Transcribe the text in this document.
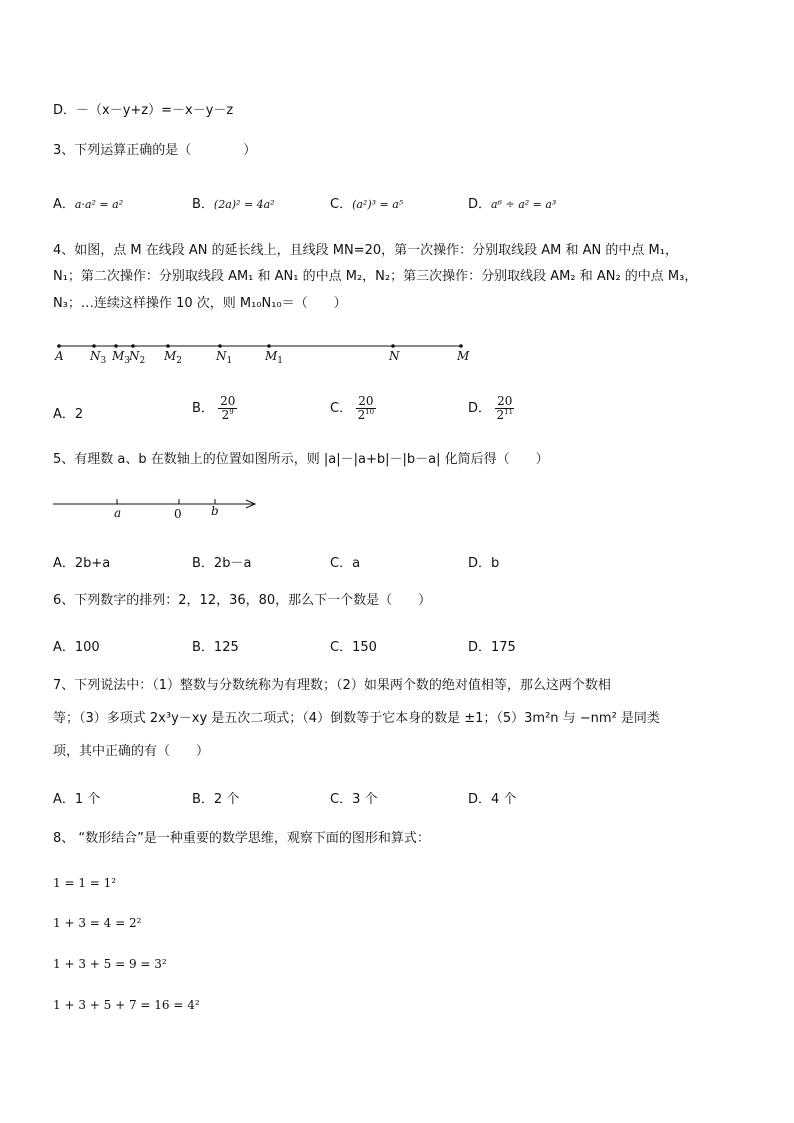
D．－（x－y+z）=－x－y－z
3、下列运算正确的是（　　　　）
A．a·a² = a²	B．(2a)² = 4a²	C．(a²)³ = a⁵	D．a⁶ ÷ a² = a³
4、如图，点 M 在线段 AN 的延长线上，且线段 MN=20，第一次操作：分别取线段 AM 和 AN 的中点 M₁，
N₁；第二次操作：分别取线段 AM₁ 和 AN₁ 的中点 M₂，N₂；第三次操作：分别取线段 AM₂ 和 AN₂ 的中点 M₃，
N₃；…连续这样操作 10 次，则 M₁₀N₁₀＝（　　）
A $N_3$ $M_3$
$N_2$ $M_2$	$N_1$	$M_1$	N	M
A．2	B． $\frac{20}{2^9}$	C． $\frac{20}{2^{10}}$	D． $\frac{20}{2^{11}}$
5、有理数 a、b 在数轴上的位置如图所示，则 |a|－|a+b|－|b－a| 化简后得（　　）
a	0 b
A．2b+a	B．2b－a	C．a	D．b
6、下列数字的排列：2，12，36，80，那么下一个数是（　　）
A．100	B．125	C．150	D．175
7、下列说法中：（1）整数与分数统称为有理数；（2）如果两个数的绝对值相等，那么这两个数相
等；（3）多项式 2x³y－xy 是五次二项式；（4）倒数等于它本身的数是 ±1；（5）3m²n 与 −nm² 是同类
项，其中正确的有（　　）
A．1 个	B．2 个	C．3 个	D．4 个
8、 “数形结合”是一种重要的数学思维，观察下面的图形和算式：
1 = 1 = 1²
1 + 3 = 4 = 2²
1 + 3 + 5 = 9 = 3²
1 + 3 + 5 + 7 = 16 = 4²
